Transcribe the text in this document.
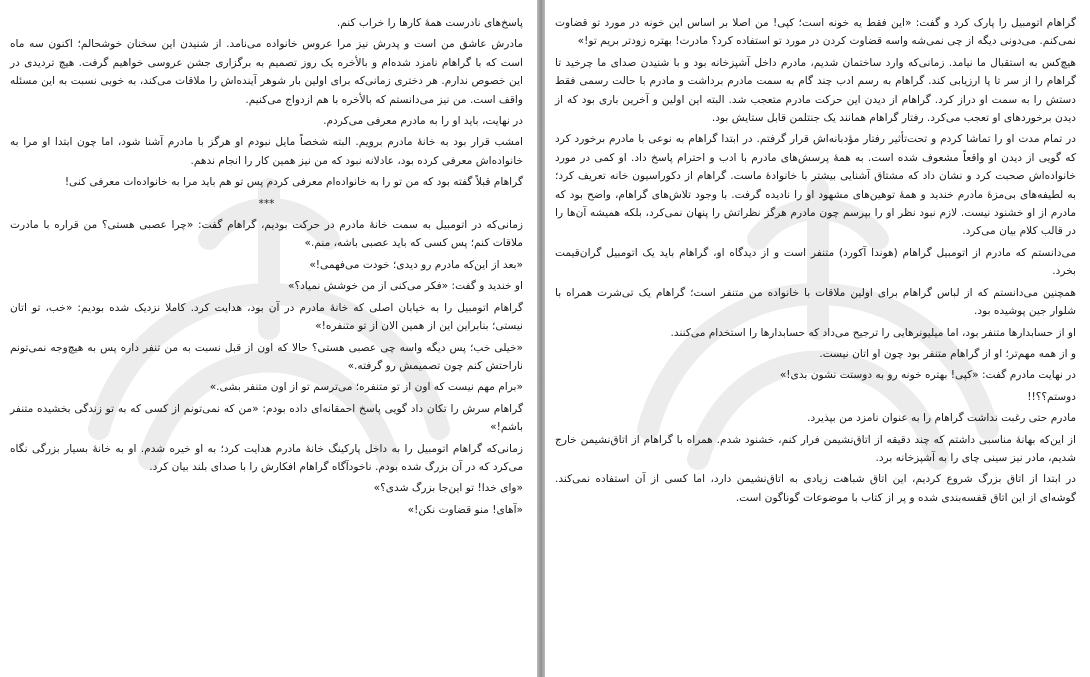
پاسخ‌های نادرست همهٔ کارها را خراب کنم.

مادرش عاشق من است و پدرش نیز مرا عروس خانواده می‌نامد. از شنیدن این سخنان خوشحالم؛ اکنون سه ماه است که با گراهام نامزد شده‌ام و بالأخره یک روز تصمیم به برگزاری جشن عروسی خواهیم گرفت. هیچ تردیدی در این خصوص ندارم. هر دختری زمانی‌که برای اولین بار شوهر آینده‌اش را ملاقات می‌کند، به خوبی نسبت به این مسئله واقف است. من نیز می‌دانستم که بالأخره با هم ازدواج می‌کنیم.

در نهایت، باید او را به مادرم معرفی می‌کردم.

امشب قرار بود به خانهٔ مادرم برویم. البته شخصاً مایل نبودم او هرگز با مادرم آشنا شود، اما چون ابتدا او مرا به خانواده‌اش معرفی کرده بود، عادلانه نبود که من نیز همین کار را انجام ندهم.

گراهام قبلاً گفته بود که من تو را به خانواده‌ام معرفی کردم پس تو هم باید مرا به خانواده‌ات معرفی کنی!

***

زمانی‌که در اتومبیل به سمت خانهٔ مادرم در حرکت بودیم، گراهام گفت: «چرا عصبی هستی؟ من قراره با مادرت ملاقات کنم؛ پس کسی که باید عصبی باشه، منم.»

«بعد از این‌که مادرم رو دیدی؛ خودت می‌فهمی!»

او خندید و گفت: «فکر می‌کنی از من خوشش نمیاد؟»

گراهام اتومبیل را به خیابان اصلی که خانهٔ مادرم در آن بود، هدایت کرد. کاملا نزدیک شده بودیم: «خب، تو اتان نیستی؛ بنابراین این از همین الان از تو متنفره!»

«خیلی خب؛ پس دیگه واسه چی عصبی هستی؟ حالا که اون از قبل نسبت به من تنفر داره پس به هیچ‌وجه نمی‌تونم ناراحتش کنم چون تصمیمش رو گرفته.»

«برام مهم نیست که اون از تو متنفره؛ می‌ترسم تو از اون متنفر بشی.»

گراهام سرش را تکان داد گویی پاسخ احمقانه‌ای داده بودم: «من که نمی‌تونم از کسی که به تو زندگی بخشیده متنفر باشم!»

زمانی‌که گراهام اتومبیل را به داخل پارکینگ خانهٔ مادرم هدایت کرد؛ به او خیره شدم. او به خانهٔ بسیار بزرگی نگاه می‌کرد که در آن بزرگ شده بودم. ناخودآگاه گراهام افکارش را با صدای بلند بیان کرد.

«وای خدا! تو این‌جا بزرگ شدی؟»

«آهای! منو قضاوت نکن!»

گراهام اتومبیل را پارک کرد و گفت: «این فقط یه خونه است؛ کپی! من اصلا بر اساس این خونه در مورد تو قضاوت نمی‌کنم. می‌دونی دیگه از چی نمی‌شه واسه قضاوت کردن در مورد تو استفاده کرد؟ مادرت! بهتره زودتر بریم تو!»

هیچ‌کس به استقبال ما نیامد. زمانی‌که وارد ساختمان شدیم، مادرم داخل آشپزخانه بود و با شنیدن صدای ما چرخید تا گراهام را از سر تا پا ارزیابی کند. گراهام به رسم ادب چند گام به سمت مادرم برداشت و مادرم با حالت رسمی فقط دستش را به سمت او دراز کرد. گراهام از دیدن این حرکت مادرم متعجب شد. البته این اولین و آخرین باری بود که از دیدن برخوردهای او تعجب می‌کرد. رفتار گراهام همانند یک جنتلمن قابل ستایش بود.

در تمام مدت او را تماشا کردم و تحت‌تأثیر رفتار مؤدبانه‌اش قرار گرفتم. در ابتدا گراهام به نوعی با مادرم برخورد کرد که گویی از دیدن او واقعاً مشعوف شده است. به همهٔ پرسش‌های مادرم با ادب و احترام پاسخ داد. او کمی در مورد خانواده‌اش صحبت کرد و نشان داد که مشتاق آشنایی بیشتر با خانوادهٔ ماست. گراهام از دکوراسیون خانه تعریف کرد؛ به لطیفه‌های بی‌مزهٔ مادرم خندید و همهٔ توهین‌های مشهود او را نادیده گرفت. با وجود تلاش‌های گراهام، واضح بود که مادرم از او خشنود نیست. لازم نبود نظر او را بپرسم چون مادرم هرگز نظراتش را پنهان نمی‌کرد، بلکه همیشه آن‌ها را در قالب کلام بیان می‌کرد.

می‌دانستم که مادرم از اتومبیل گراهام (هوندا آکورد) متنفر است و از دیدگاه او، گراهام باید یک اتومبیل گران‌قیمت بخرد.

همچنین می‌دانستم که از لباس گراهام برای اولین ملاقات با خانواده من متنفر است؛ گراهام یک تی‌شرت همراه با شلوار جین پوشیده بود.

او از حسابدارها متنفر بود، اما میلیونرهایی را ترجیح می‌داد که حسابدارها را استخدام می‌کنند.

و از همه مهم‌تر؛ او از گراهام متنفر بود چون او اتان نیست.

در نهایت مادرم گفت: «کپی! بهتره خونه رو به دوستت نشون بدی!»

دوستم؟؟!!

مادرم حتی رغبت نداشت گراهام را به عنوان نامزد من بپذیرد.

از این‌که بهانهٔ مناسبی داشتم که چند دقیقه از اتاق‌نشیمن فرار کنم، خشنود شدم. همراه با گراهام از اتاق‌نشیمن خارج شدیم، مادر نیز سینی چای را به آشپزخانه برد.

در ابتدا از اتاق بزرگ شروع کردیم، این اتاق شباهت زیادی به اتاق‌نشیمن دارد، اما کسی از آن استفاده نمی‌کند. گوشه‌ای از این اتاق قفسه‌بندی شده و پر از کتاب با موضوعات گوناگون است.
